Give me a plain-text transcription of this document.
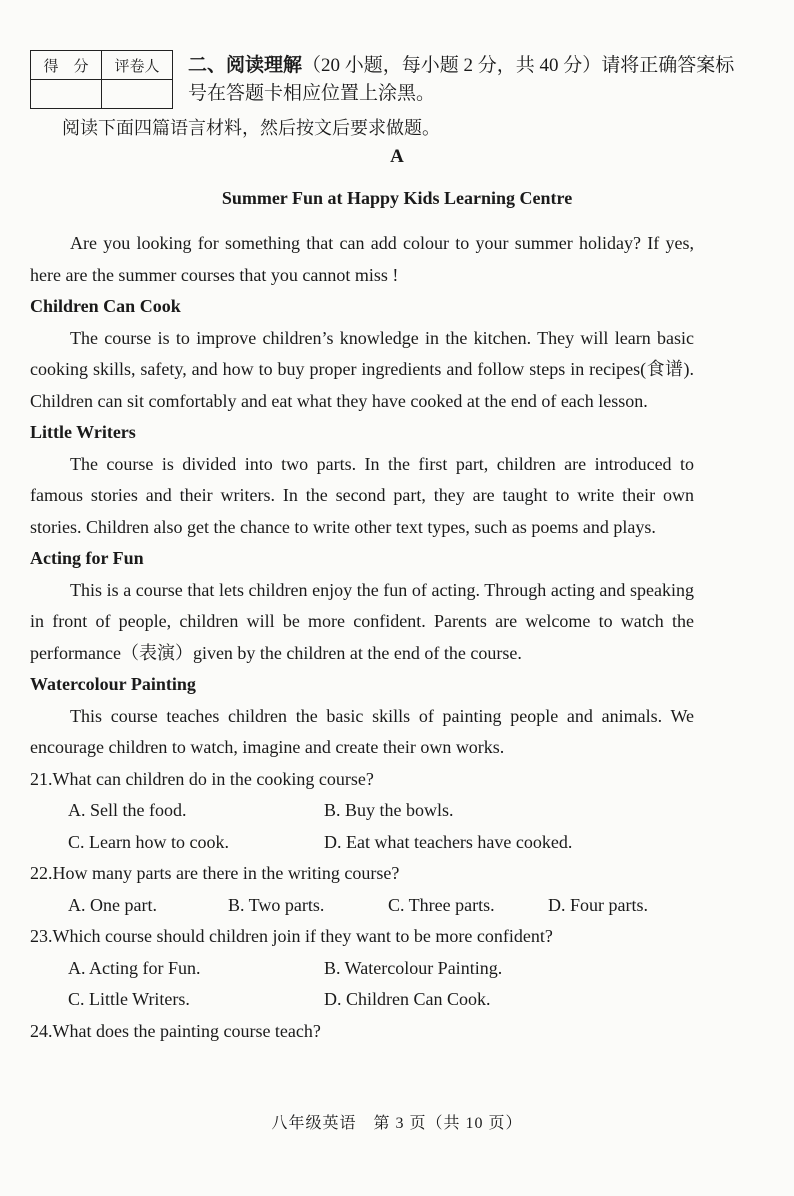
得　分	评卷人
	二、阅读理解（20 小题，每小题 2 分，共 40 分）请将正确答案标号在答题卡相应位置上涂黑。
阅读下面四篇语言材料，然后按文后要求做题。
A
Summer Fun at Happy Kids Learning Centre

Are you looking for something that can add colour to your summer holiday? If yes, here are the summer courses that you cannot miss !

Children Can Cook

The course is to improve children’s knowledge in the kitchen. They will learn basic cooking skills, safety, and how to buy proper ingredients and follow steps in recipes(食谱). Children can sit comfortably and eat what they have cooked at the end of each lesson.

Little Writers

The course is divided into two parts. In the first part, children are introduced to famous stories and their writers. In the second part, they are taught to write their own stories. Children also get the chance to write other text types, such as poems and plays.

Acting for Fun

This is a course that lets children enjoy the fun of acting. Through acting and speaking in front of people, children will be more confident. Parents are welcome to watch the performance（表演）given by the children at the end of the course.

Watercolour Painting

This course teaches children the basic skills of painting people and animals. We encourage children to watch, imagine and create their own works.

21.What can children do in the cooking course?

A. Sell the food.	B. Buy the bowls.
C. Learn how to cook.	D. Eat what teachers have cooked.

22.How many parts are there in the writing course?

A. One part.	B. Two parts.	C. Three parts.	D. Four parts.

23.Which course should children join if they want to be more confident?

A. Acting for Fun.	B. Watercolour Painting.
C. Little Writers.	D. Children Can Cook.

24.What does the painting course teach?

八年级英语　第 3 页（共 10 页）
